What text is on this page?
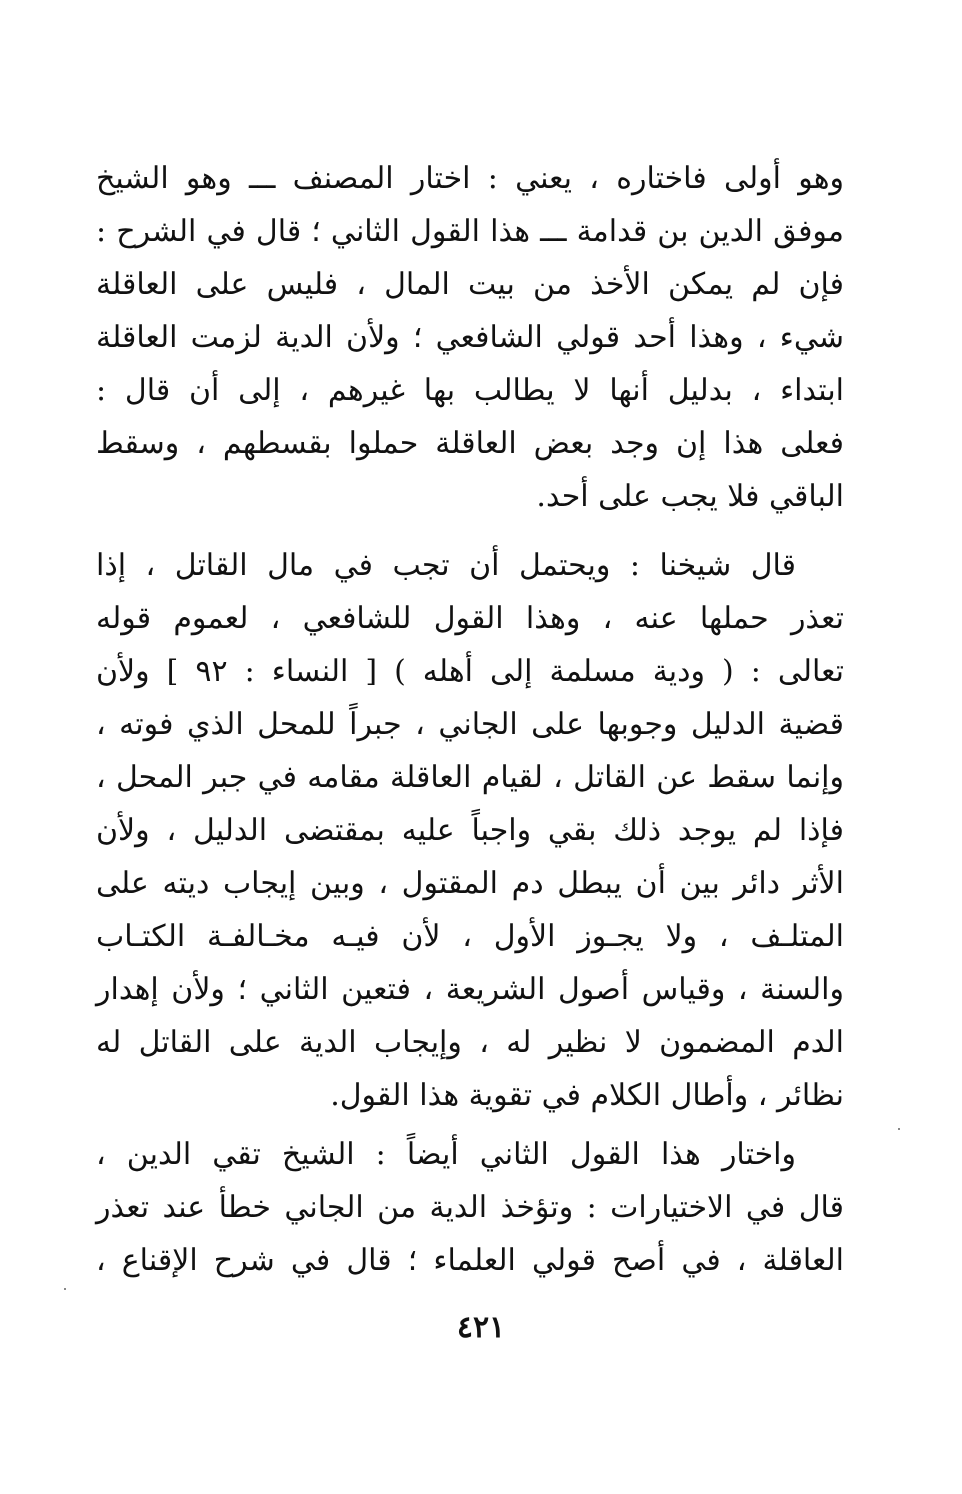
وهو أولى فاختاره ، يعني : اختار المصنف ـــ وهو الشيخ
موفق الدين بن قدامة ـــ هذا القول الثاني ؛ قال في الشرح :
فإن لم يمكن الأخذ من بيت المال ، فليس على العاقلة
شيء ، وهذا أحد قولي الشافعي ؛ ولأن الدية لزمت العاقلة
ابتداء ، بدليل أنها لا يطالب بها غيرهم ، إلى أن قال :
فعلى هذا إن وجد بعض العاقلة حملوا بقسطهم ، وسقط
الباقي فلا يجب على أحد.
قال شيخنا : ويحتمل أن تجب في مال القاتل ، إذا
تعذر حملها عنه ، وهذا القول للشافعي ، لعموم قوله
تعالى : ( ودية مسلمة إلى أهله ) [ النساء : ٩٢ ] ولأن
قضية الدليل وجوبها على الجاني ، جبراً للمحل الذي فوته ،
وإنما سقط عن القاتل ، لقيام العاقلة مقامه في جبر المحل ،
فإذا لم يوجد ذلك بقي واجباً عليه بمقتضى الدليل ، ولأن
الأثر دائر بين أن يبطل دم المقتول ، وبين إيجاب ديته على
المتلـف ، ولا يجـوز الأول ، لأن فيـه مخـالفـة الكتـاب
والسنة ، وقياس أصول الشريعة ، فتعين الثاني ؛ ولأن إهدار
الدم المضمون لا نظير له ، وإيجاب الدية على القاتل له
نظائر ، وأطال الكلام في تقوية هذا القول.
واختار هذا القول الثاني أيضاً : الشيخ تقي الدين ،
قال في الاختيارات : وتؤخذ الدية من الجاني خطأ عند تعذر
العاقلة ، في أصح قولي العلماء ؛ قال في شرح الإقناع ،
٤٢١
